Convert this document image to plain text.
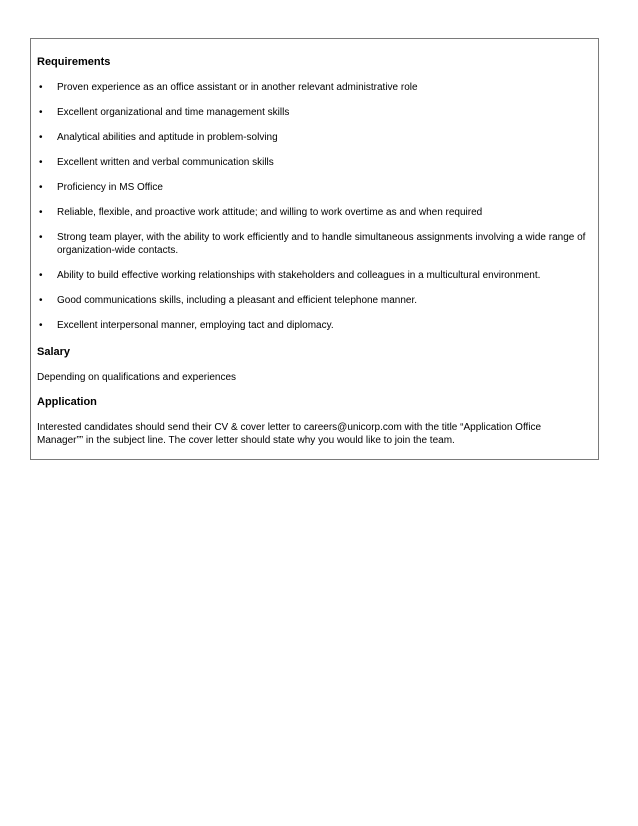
Requirements

• Proven experience as an office assistant or in another relevant administrative role
• Excellent organizational and time management skills
• Analytical abilities and aptitude in problem-solving
• Excellent written and verbal communication skills
• Proficiency in MS Office
• Reliable, flexible, and proactive work attitude; and willing to work overtime as and when required
• Strong team player, with the ability to work efficiently and to handle simultaneous assignments involving a wide range of organization-wide contacts.
• Ability to build effective working relationships with stakeholders and colleagues in a multicultural environment.
• Good communications skills, including a pleasant and efficient telephone manner.
• Excellent interpersonal manner, employing tact and diplomacy.

Salary

Depending on qualifications and experiences

Application

Interested candidates should send their CV & cover letter to careers@unicorp.com with the title “Application Office Manager”” in the subject line. The cover letter should state why you would like to join the team.
